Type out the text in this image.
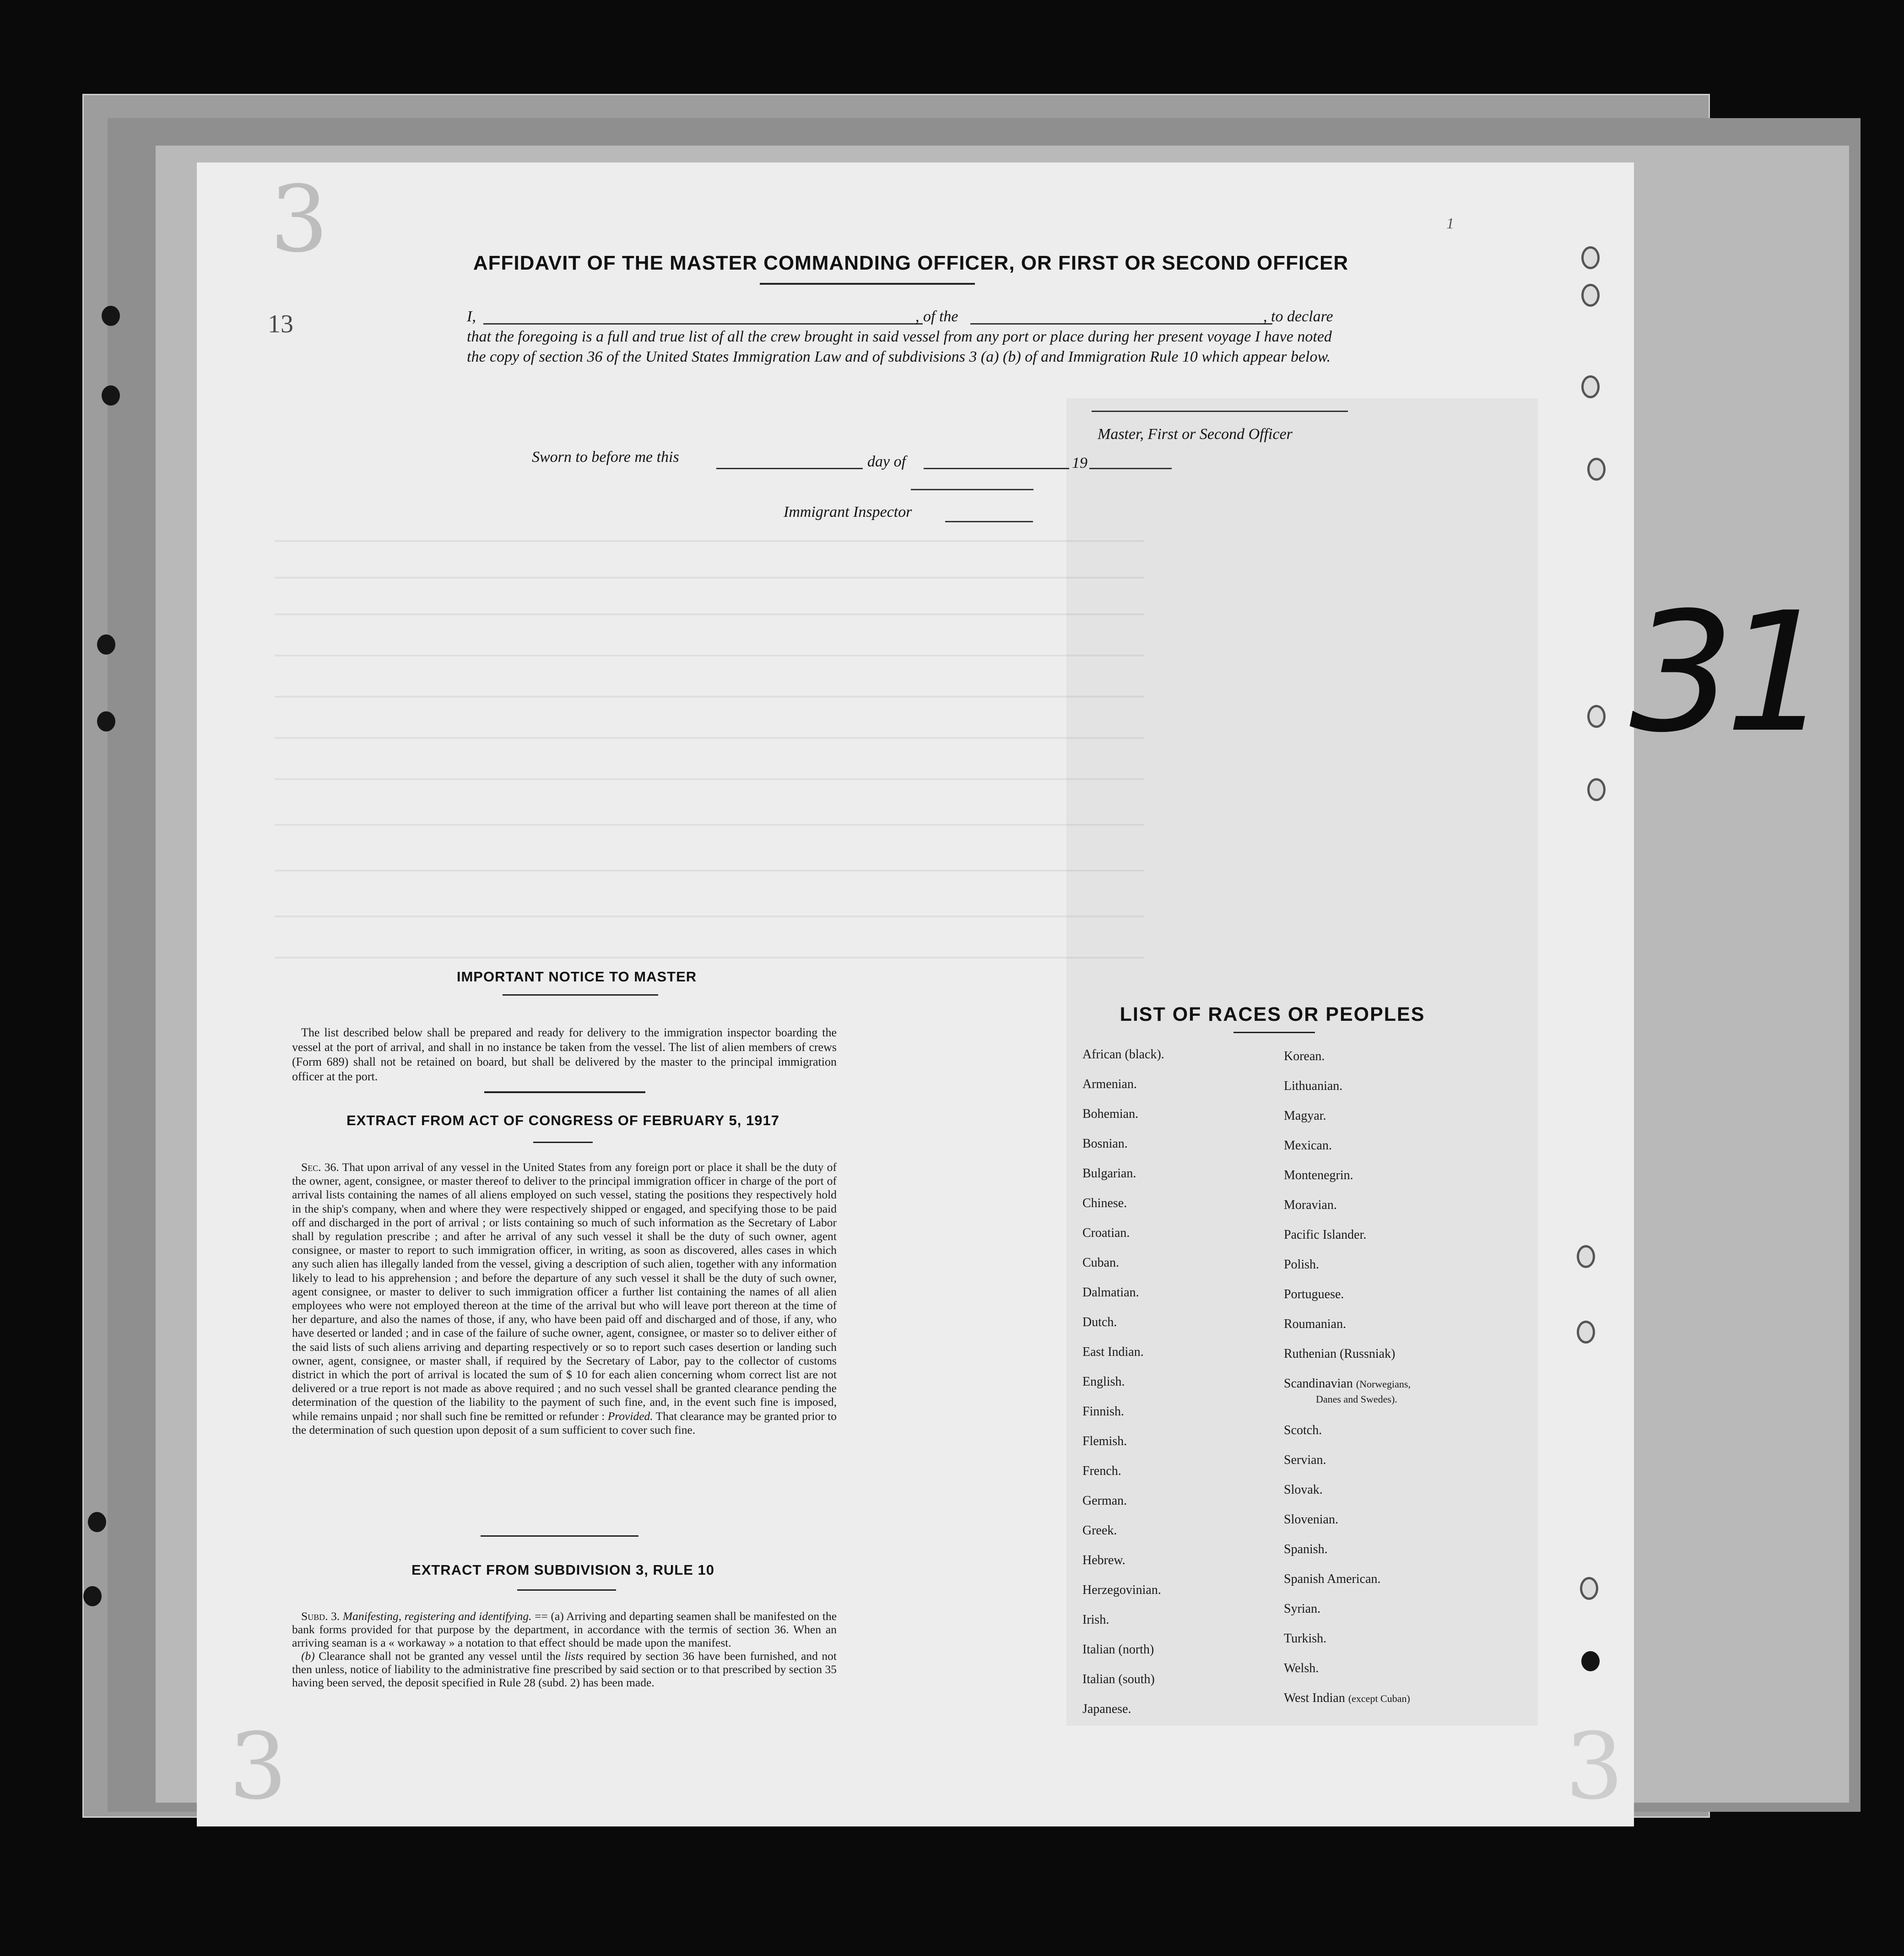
3
3	3
31
13
1
AFFIDAVIT OF THE MASTER COMMANDING OFFICER, OR FIRST OR SECOND OFFICER
I,	, of the	, to declare
that the foregoing is a full and true list of all the crew brought in said vessel from any port or place during her present voyage I have noted the copy of section 36 of the United States Immigration Law and of subdivisions 3 (a) (b) of and Immigration Rule 10 which appear below.
Master, First or Second Officer
Sworn to before me this	day of	19
Immigrant Inspector
IMPORTANT NOTICE TO MASTER
The list described below shall be prepared and ready for delivery to the immigration inspector boarding the vessel at the port of arrival, and shall in no instance be taken from the vessel. The list of alien members of crews (Form 689) shall not be retained on board, but shall be delivered by the master to the principal immigration officer at the port.
EXTRACT FROM ACT OF CONGRESS OF FEBRUARY 5, 1917
Sec. 36. That upon arrival of any vessel in the United States from any foreign port or place it shall be the duty of the owner, agent, consignee, or master thereof to deliver to the principal immigration officer in charge of the port of arrival lists containing the names of all aliens employed on such vessel, stating the positions they respectively hold in the ship's company, when and where they were respectively shipped or engaged, and specifying those to be paid off and discharged in the port of arrival ; or lists containing so much of such information as the Secretary of Labor shall by regulation prescribe ; and after he arrival of any such vessel it shall be the duty of such owner, agent consignee, or master to report to such immigration officer, in writing, as soon as discovered, alles cases in which any such alien has illegally landed from the vessel, giving a description of such alien, together with any information likely to lead to his apprehension ; and before the departure of any such vessel it shall be the duty of such owner, agent consignee, or master to deliver to such immigration officer a further list containing the names of all alien employees who were not employed thereon at the time of the arrival but who will leave port thereon at the time of her departure, and also the names of those, if any, who have been paid off and discharged and of those, if any, who have deserted or landed ; and in case of the failure of suche owner, agent, consignee, or master so to deliver either of the said lists of such aliens arriving and departing respectively or so to report such cases desertion or landing such owner, agent, consignee, or master shall, if required by the Secretary of Labor, pay to the collector of customs district in which the port of arrival is located the sum of $ 10 for each alien concerning whom correct list are not delivered or a true report is not made as above required ; and no such vessel shall be granted clearance pending the determination of the question of the liability to the payment of such fine, and, in the event such fine is imposed, while remains unpaid ; nor shall such fine be remitted or refunder : Provided. That clearance may be granted prior to the determination of such question upon deposit of a sum sufficient to cover such fine.
EXTRACT FROM SUBDIVISION 3, RULE 10

Subd. 3. Manifesting, registering and identifying. == (a) Arriving and departing seamen shall be manifested on the bank forms provided for that purpose by the department, in accordance with the termis of section 36. When an arriving seaman is a « workaway » a notation to that effect should be made upon the manifest.

(b) Clearance shall not be granted any vessel until the lists required by section 36 have been furnished, and not then unless, notice of liability to the administrative fine prescribed by said section or to that prescribed by section 35 having been served, the deposit specified in Rule 28 (subd. 2) has been made.

LIST OF RACES OR PEOPLES
African (black).
Armenian.
Bohemian.
Bosnian.
Bulgarian.
Chinese.
Croatian.
Cuban.
Dalmatian.
Dutch.
East Indian.
English.
Finnish.
Flemish.
French.
German.
Greek.
Hebrew.
Herzegovinian.
Irish.
Italian (north)
Italian (south)
Japanese.
Korean.
Lithuanian.
Magyar.
Mexican.
Montenegrin.
Moravian.
Pacific Islander.
Polish.
Portuguese.
Roumanian.
Ruthenian (Russniak)
Scandinavian (Norwegians,
Danes and Swedes).
Scotch.
Servian.
Slovak.
Slovenian.
Spanish.
Spanish American.
Syrian.
Turkish.
Welsh.
West Indian (except Cuban)
